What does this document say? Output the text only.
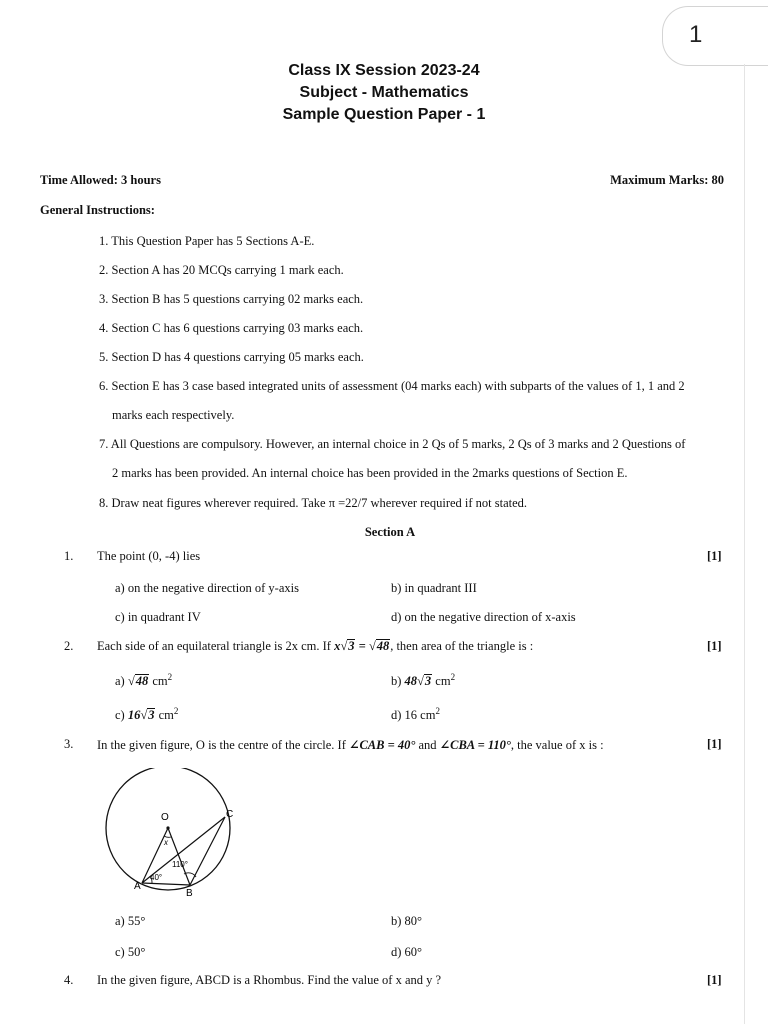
1
Class IX Session 2023-24
Subject - Mathematics
Sample Question Paper - 1
Time Allowed: 3 hours	Maximum Marks: 80
General Instructions:
1. This Question Paper has 5 Sections A-E.
2. Section A has 20 MCQs carrying 1 mark each.
3. Section B has 5 questions carrying 02 marks each.
4. Section C has 6 questions carrying 03 marks each.
5. Section D has 4 questions carrying 05 marks each.
6. Section E has 3 case based integrated units of assessment (04 marks each) with subparts of the values of 1, 1 and 2
marks each respectively.
7. All Questions are compulsory. However, an internal choice in 2 Qs of 5 marks, 2 Qs of 3 marks and 2 Questions of
2 marks has been provided. An internal choice has been provided in the 2marks questions of Section E.
8. Draw neat figures wherever required. Take π =22/7 wherever required if not stated.
Section A
1. The point (0, -4) lies	[1]
a) on the negative direction of y-axis	b) in quadrant III
c) in quadrant IV	d) on the negative direction of x-axis
2. Each side of an equilateral triangle is 2x cm. If x√3 = √48, then area of the triangle is :	[1]
a) √48 $cm^2$	b) 48√3 $cm^2$
c) 16√3 $cm^2$	d) 16 $cm^2$
3. In the given figure, O is the centre of the circle. If ∠CAB = 40° and ∠CBA = 110°, the value of x is :	[1]
O
x
C
A
B
40°
110°
a) 55°	b) 80°
c) 50°	d) 60°
4. In the given figure, ABCD is a Rhombus. Find the value of x and y ?	[1]
